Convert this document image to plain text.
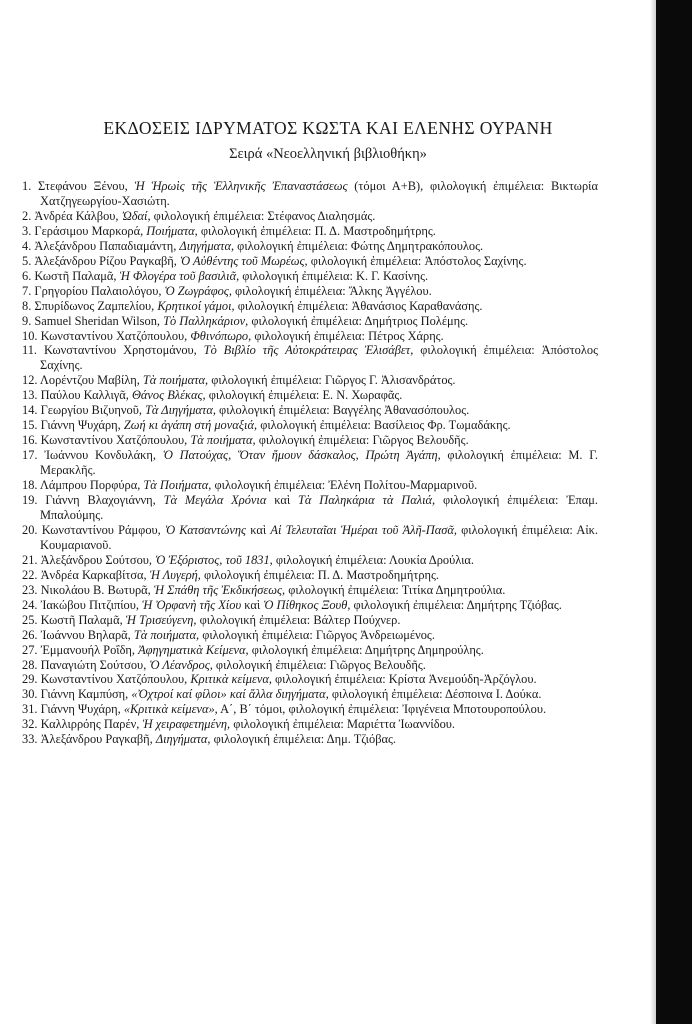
ΕΚΔΟΣΕΙΣ ΙΔΡΥΜΑΤΟΣ ΚΩΣΤΑ ΚΑΙ ΕΛΕΝΗΣ ΟΥΡΑΝΗ
Σειρά «Νεοελληνική βιβλιοθήκη»
1. Στεφάνου Ξένου, Ἡ Ἡρωὶς τῆς Ἑλληνικῆς Ἐπαναστάσεως (τόμοι Α+Β), φιλολογική ἐπιμέλεια: Βικτωρία Χατζηγεωργίου-Χασιώτη.
2. Ἀνδρέα Κάλβου, Ὠδαί, φιλολογική ἐπιμέλεια: Στέφανος Διαλησμάς.
3. Γεράσιμου Μαρκορά, Ποιήματα, φιλολογική ἐπιμέλεια: Π. Δ. Μαστροδημήτρης.
4. Ἀλεξάνδρου Παπαδιαμάντη, Διηγήματα, φιλολογική ἐπιμέλεια: Φώτης Δημητρακόπουλος.
5. Ἀλεξάνδρου Ρίζου Ραγκαβῆ, Ὁ Αὐθέντης τοῦ Μωρέως, φιλολογική ἐπιμέλεια: Ἀπόστολος Σαχίνης.
6. Κωστῆ Παλαμᾶ, Ἡ Φλογέρα τοῦ βασιλιᾶ, φιλολογική ἐπιμέλεια: Κ. Γ. Κασίνης.
7. Γρηγορίου Παλαιολόγου, Ὁ Ζωγράφος, φιλολογική ἐπιμέλεια: Ἄλκης Ἀγγέλου.
8. Σπυρίδωνος Ζαμπελίου, Κρητικοί γάμοι, φιλολογική ἐπιμέλεια: Ἀθανάσιος Καραθανάσης.
9. Samuel Sheridan Wilson, Τὸ Παλληκάριον, φιλολογική ἐπιμέλεια: Δημήτριος Πολέμης.
10. Κωνσταντίνου Χατζόπουλου, Φθινόπωρο, φιλολογική ἐπιμέλεια: Πέτρος Χάρης.
11. Κωνσταντίνου Χρηστομάνου, Τὸ Βιβλίο τῆς Αὐτοκράτειρας Ἐλισάβετ, φιλολογική ἐπιμέλεια: Ἀπόστολος Σαχίνης.
12. Λορέντζου Μαβίλη, Τὰ ποιήματα, φιλολογική ἐπιμέλεια: Γιῶργος Γ. Ἀλισανδράτος.
13. Παύλου Καλλιγᾶ, Θάνος Βλέκας, φιλολογική ἐπιμέλεια: Ε. Ν. Χωραφᾶς.
14. Γεωργίου Βιζυηνοῦ, Τὰ Διηγήματα, φιλολογική ἐπιμέλεια: Βαγγέλης Ἀθανασόπουλος.
15. Γιάννη Ψυχάρη, Ζωή κι ἀγάπη στή μοναξιά, φιλολογική ἐπιμέλεια: Βασίλειος Φρ. Τωμαδάκης.
16. Κωνσταντίνου Χατζόπουλου, Τὰ ποιήματα, φιλολογική ἐπιμέλεια: Γιῶργος Βελουδῆς.
17. Ἰωάννου Κονδυλάκη, Ὁ Πατούχας, Ὅταν ἤμουν δάσκαλος, Πρώτη Ἀγάπη, φιλολογική ἐπιμέλεια: Μ. Γ. Μερακλῆς.
18. Λάμπρου Πορφύρα, Τὰ Ποιήματα, φιλολογική ἐπιμέλεια: Ἐλένη Πολίτου-Μαρμαρινοῦ.
19. Γιάννη Βλαχογιάννη, Τὰ Μεγάλα Χρόνια καὶ Τὰ Παληκάρια τὰ Παλιά, φιλολογική ἐπιμέλεια: Ἐπαμ. Μπαλούμης.
20. Κωνσταντίνου Ράμφου, Ὁ Κατσαντώνης καὶ Αἱ Τελευταῖαι Ἡμέραι τοῦ Ἀλῆ-Πασᾶ, φιλολογική ἐπιμέλεια: Αἰκ. Κουμαριανοῦ.
21. Ἀλεξάνδρου Σούτσου, Ὁ Ἐξόριστος, τοῦ 1831, φιλολογική ἐπιμέλεια: Λουκία Δρούλια.
22. Ἀνδρέα Καρκαβίτσα, Ἡ Λυγερή, φιλολογική ἐπιμέλεια: Π. Δ. Μαστροδημήτρης.
23. Νικολάου Β. Βωτυρᾶ, Ἡ Σπάθη τῆς Ἐκδικήσεως, φιλολογική ἐπιμέλεια: Τιτίκα Δημητρούλια.
24. Ἰακώβου Πιτζιπίου, Ἡ Ὀρφανὴ τῆς Χίου καὶ Ὁ Πίθηκος Ξουθ, φιλολογική ἐπιμέλεια: Δημήτρης Τζιόβας.
25. Κωστῆ Παλαμᾶ, Ἡ Τρισεύγενη, φιλολογική ἐπιμέλεια: Βάλτερ Πούχνερ.
26. Ἰωάννου Βηλαρᾶ, Τὰ ποιήματα, φιλολογική ἐπιμέλεια: Γιῶργος Ἀνδρειωμένος.
27. Ἐμμανουήλ Ροΐδη, Ἀφηγηματικὰ Κείμενα, φιλολογική ἐπιμέλεια: Δημήτρης Δημηρούλης.
28. Παναγιώτη Σούτσου, Ὁ Λέανδρος, φιλολογική ἐπιμέλεια: Γιῶργος Βελουδῆς.
29. Κωνσταντίνου Χατζόπουλου, Κριτικὰ κείμενα, φιλολογική ἐπιμέλεια: Κρίστα Ἀνεμούδη-Ἀρζόγλου.
30. Γιάννη Καμπύση, «Ὀχτροί καί φίλοι» καί ἄλλα διηγήματα, φιλολογική ἐπιμέλεια: Δέσποινα Ι. Δούκα.
31. Γιάννη Ψυχάρη, «Κριτικὰ κείμενα», Α΄, Β΄ τόμοι, φιλολογική ἐπιμέλεια: Ἰφιγένεια Μποτουροπούλου.
32. Καλλιρρόης Παρέν, Ἡ χειραφετημένη, φιλολογική ἐπιμέλεια: Μαριέττα Ἰωαννίδου.
33. Ἀλεξάνδρου Ραγκαβῆ, Διηγήματα, φιλολογική ἐπιμέλεια: Δημ. Τζιόβας.
